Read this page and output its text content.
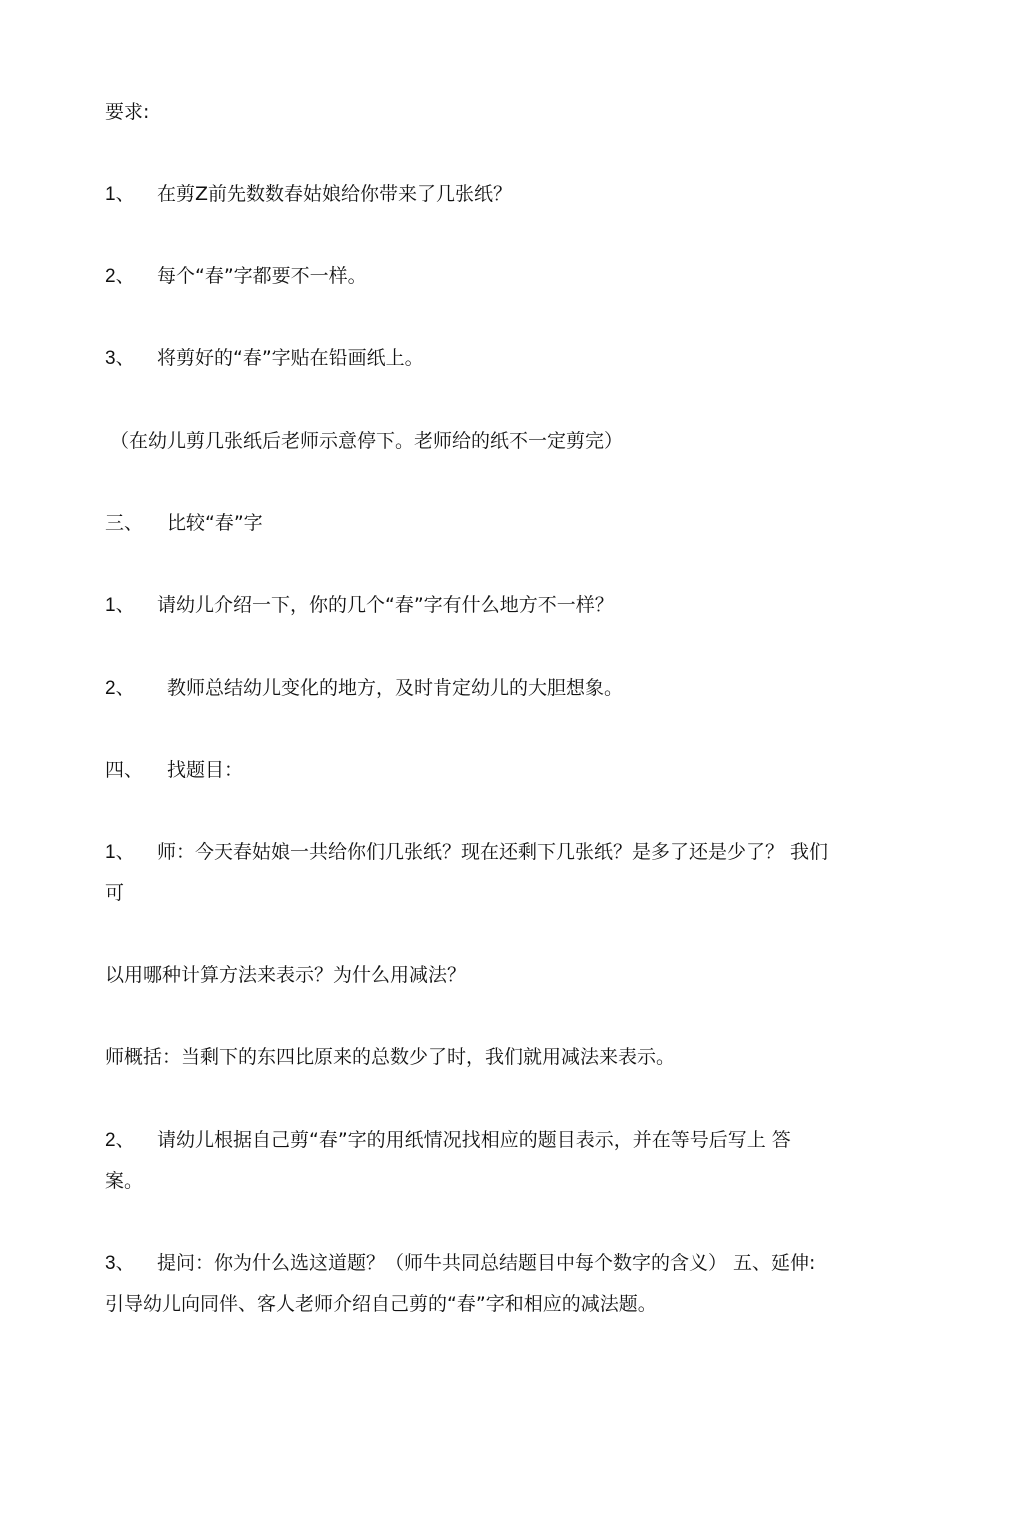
要求:
1、 在剪Z前先数数春姑娘给你带来了几张纸？
2、 每个“春”字都要不一样。
3、 将剪好的“春”字贴在铅画纸上。
（在幼儿剪几张纸后老师示意停下。老师给的纸不一定剪完）
三、 比较“春”字
1、 请幼儿介绍一下，你的几个“春”字有什么地方不一样？
2、 教师总结幼儿变化的地方，及时肯定幼儿的大胆想象。
四、 找题目：
1、 师：今天春姑娘一共给你们几张纸？现在还剩下几张纸？是多了还是少了？ 我们
可
以用哪种计算方法来表示？为什么用减法？
师概括：当剩下的东四比原来的总数少了时，我们就用减法来表示。
2、 请幼儿根据自己剪“春”字的用纸情况找相应的题目表示，并在等号后写上 答
案。
3、 提问：你为什么选这道题？（师牛共同总结题目中每个数字的含义） 五、延伸:
引导幼儿向同伴、客人老师介绍自己剪的“春”字和相应的减法题。
